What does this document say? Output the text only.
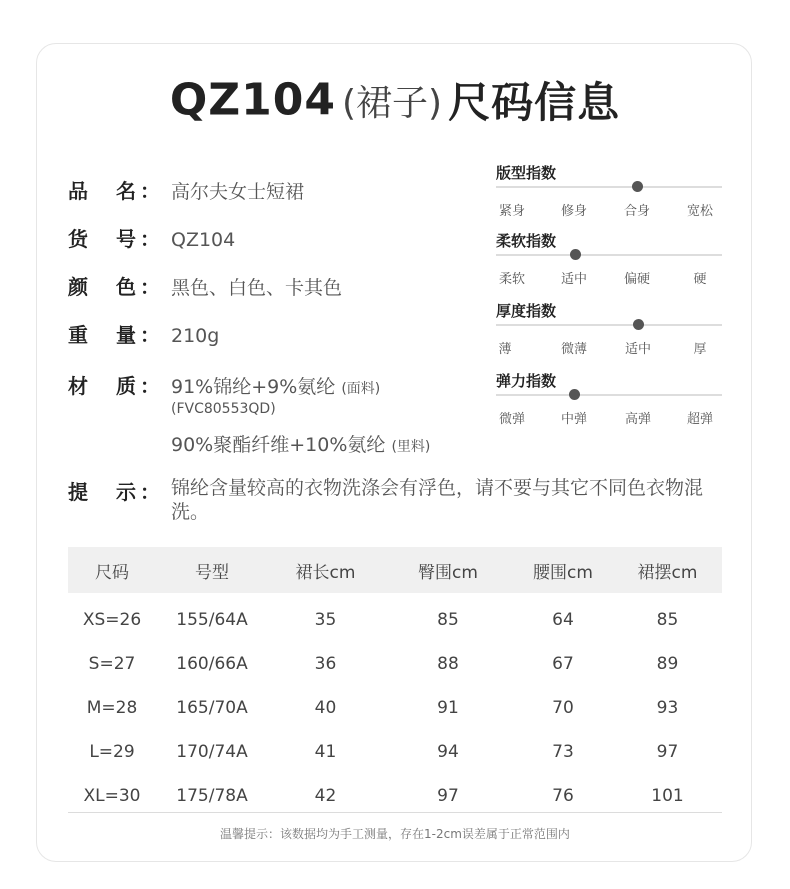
QZ104 (裙子) 尺码信息
品　名： 高尔夫女士短裙
货　号： QZ104
颜　色： 黑色、白色、卡其色
重　量： 210g
材　质： 91%锦纶+9%氨纶 (面料)
(FVC80553QD)
90%聚酯纤维+10%氨纶 (里料)
版型指数
紧身	修身	合身	宽松
柔软指数
柔软	适中	偏硬	硬
厚度指数
薄	微薄	适中	厚
弹力指数
微弹	中弹	高弹	超弹
提　示： 锦纶含量较高的衣物洗涤会有浮色，请不要与其它不同色衣物混洗。
尺码	号型	裙长cm	臀围cm	腰围cm	裙摆cm
XS=26	155/64A	35	85	64	85
S=27	160/66A	36	88	67	89
M=28	165/70A	40	91	70	93
L=29	170/74A	41	94	73	97
XL=30	175/78A	42	97	76	101
温馨提示：该数据均为手工测量，存在1-2cm误差属于正常范围内
